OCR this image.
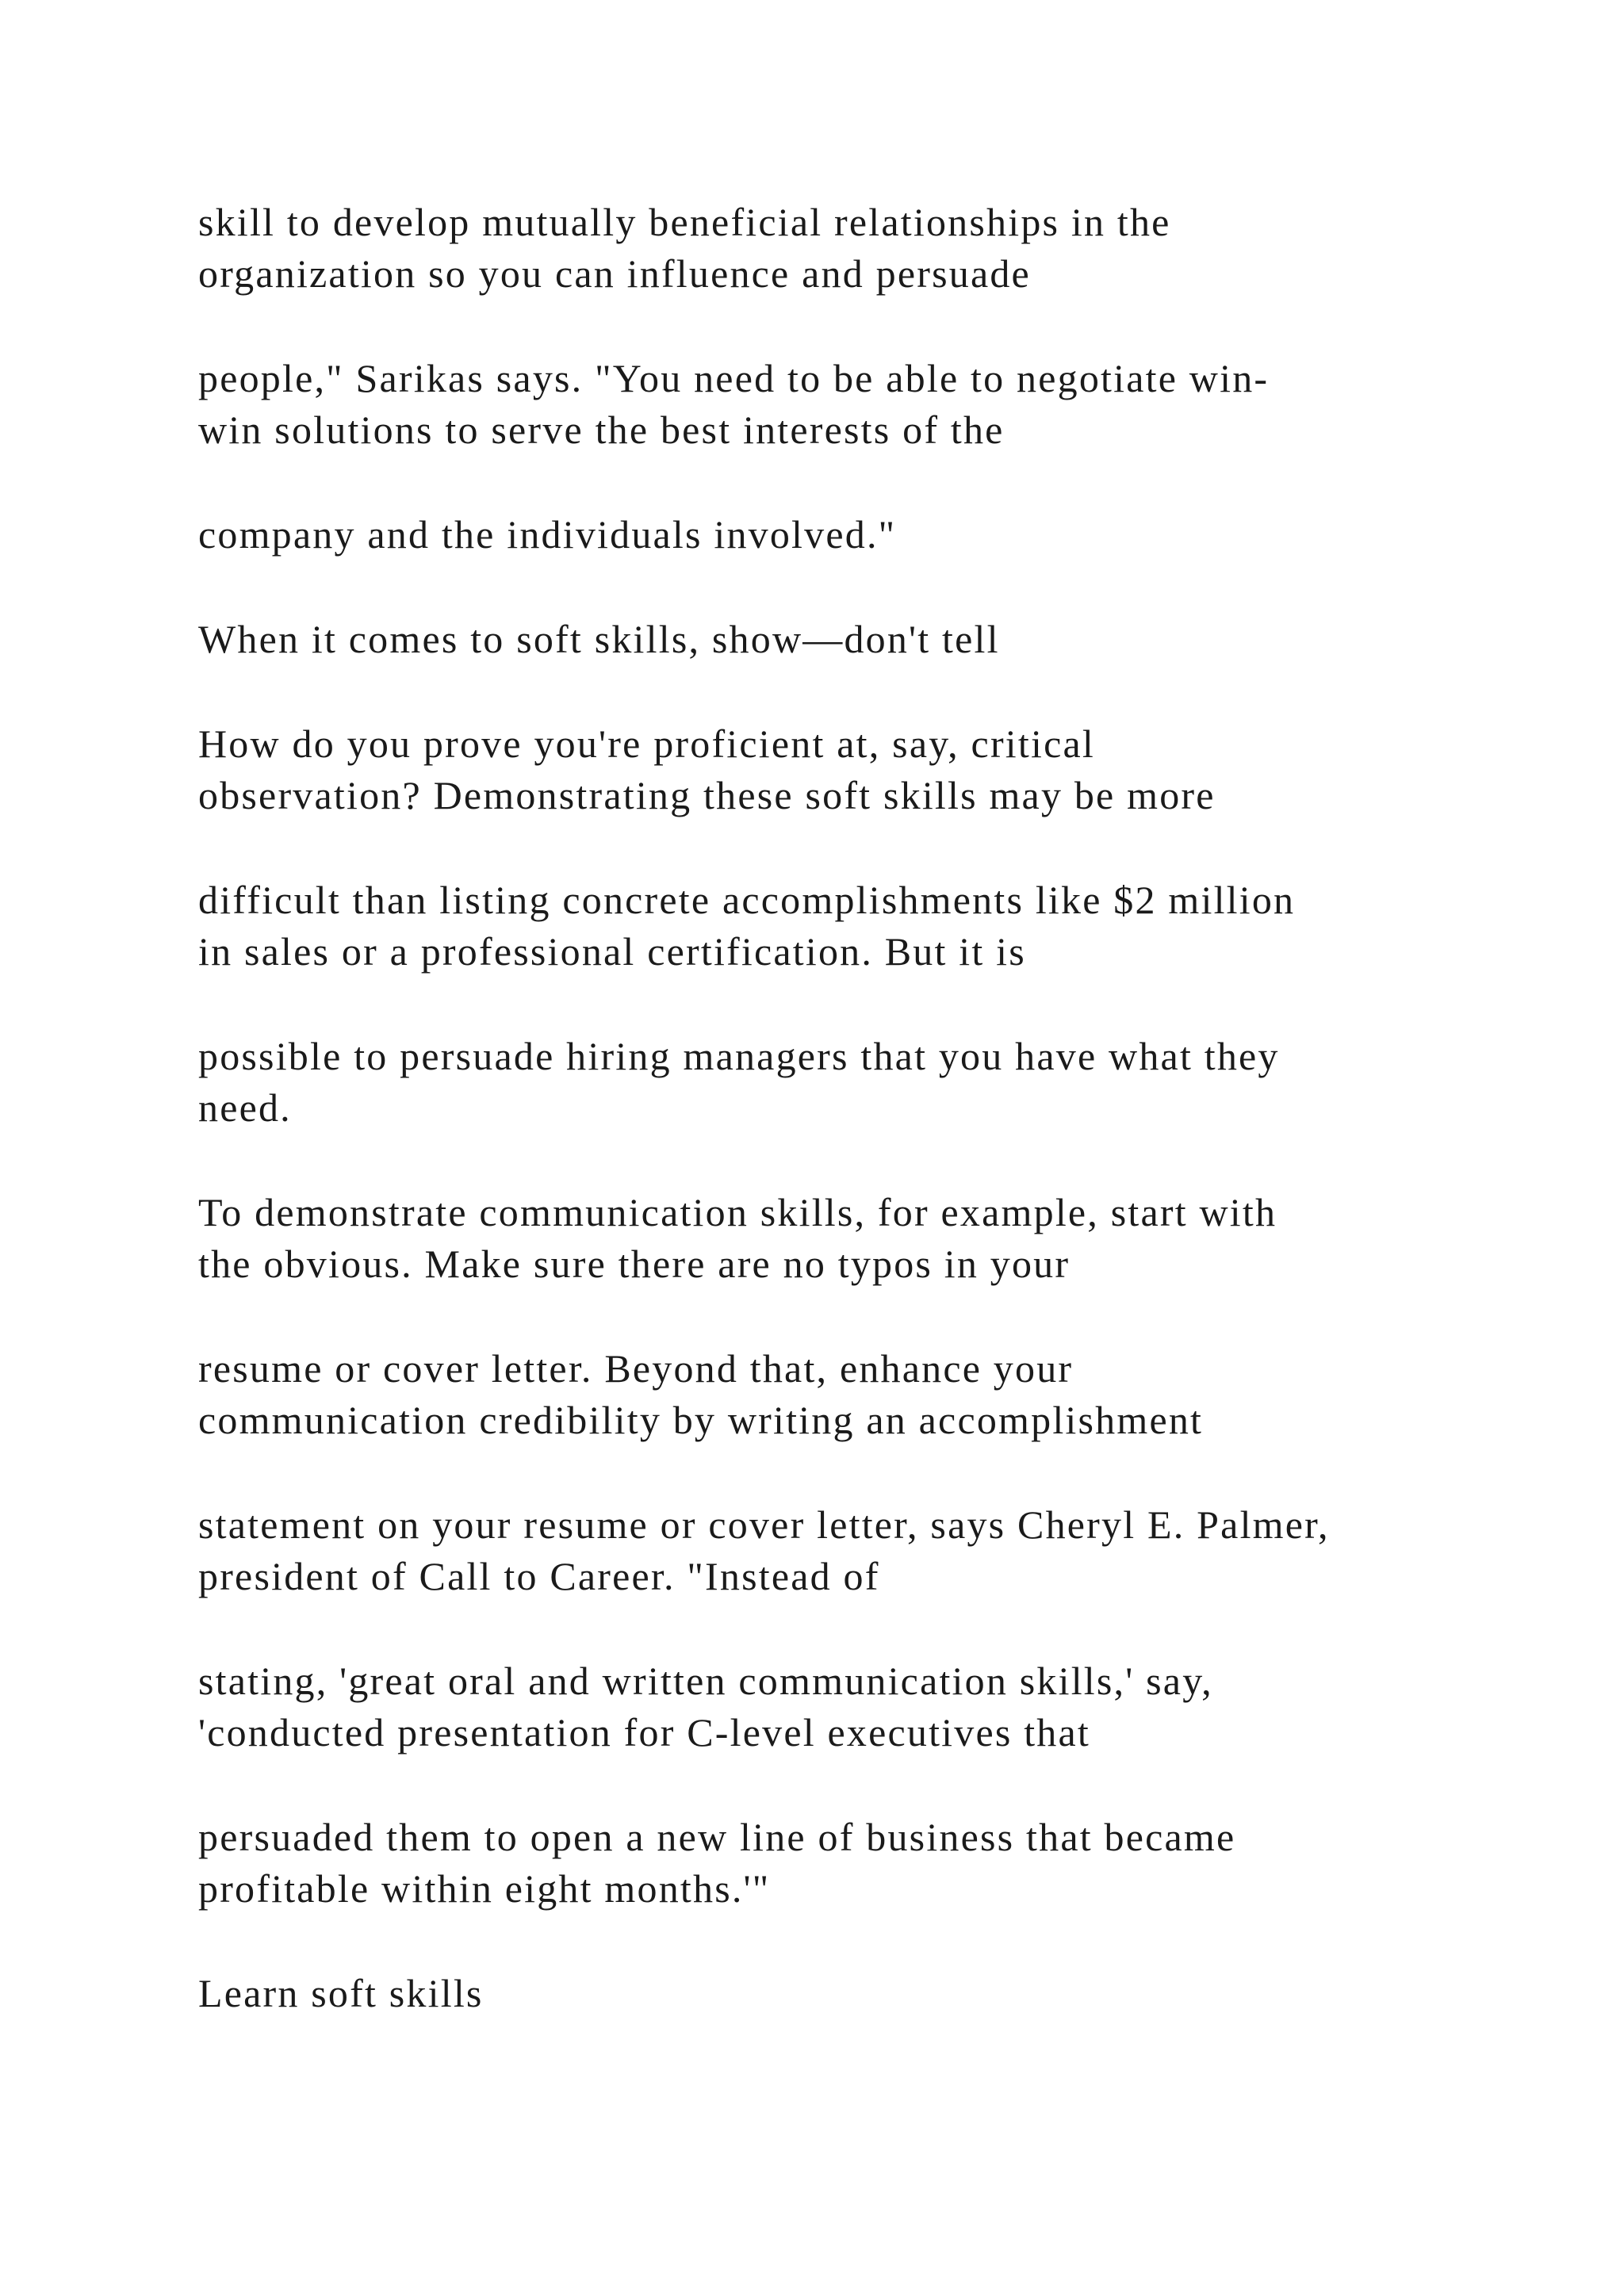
skill to develop mutually beneficial relationships in the
organization so you can influence and persuade

people," Sarikas says. "You need to be able to negotiate win-
win solutions to serve the best interests of the

company and the individuals involved."

When it comes to soft skills, show—don't tell

How do you prove you're proficient at, say, critical
observation? Demonstrating these soft skills may be more

difficult than listing concrete accomplishments like $2 million
in sales or a professional certification. But it is

possible to persuade hiring managers that you have what they
need.

To demonstrate communication skills, for example, start with
the obvious. Make sure there are no typos in your

resume or cover letter. Beyond that, enhance your
communication credibility by writing an accomplishment

statement on your resume or cover letter, says Cheryl E. Palmer,
president of Call to Career. "Instead of

stating, 'great oral and written communication skills,' say,
'conducted presentation for C-level executives that

persuaded them to open a new line of business that became
profitable within eight months.'"

Learn soft skills
